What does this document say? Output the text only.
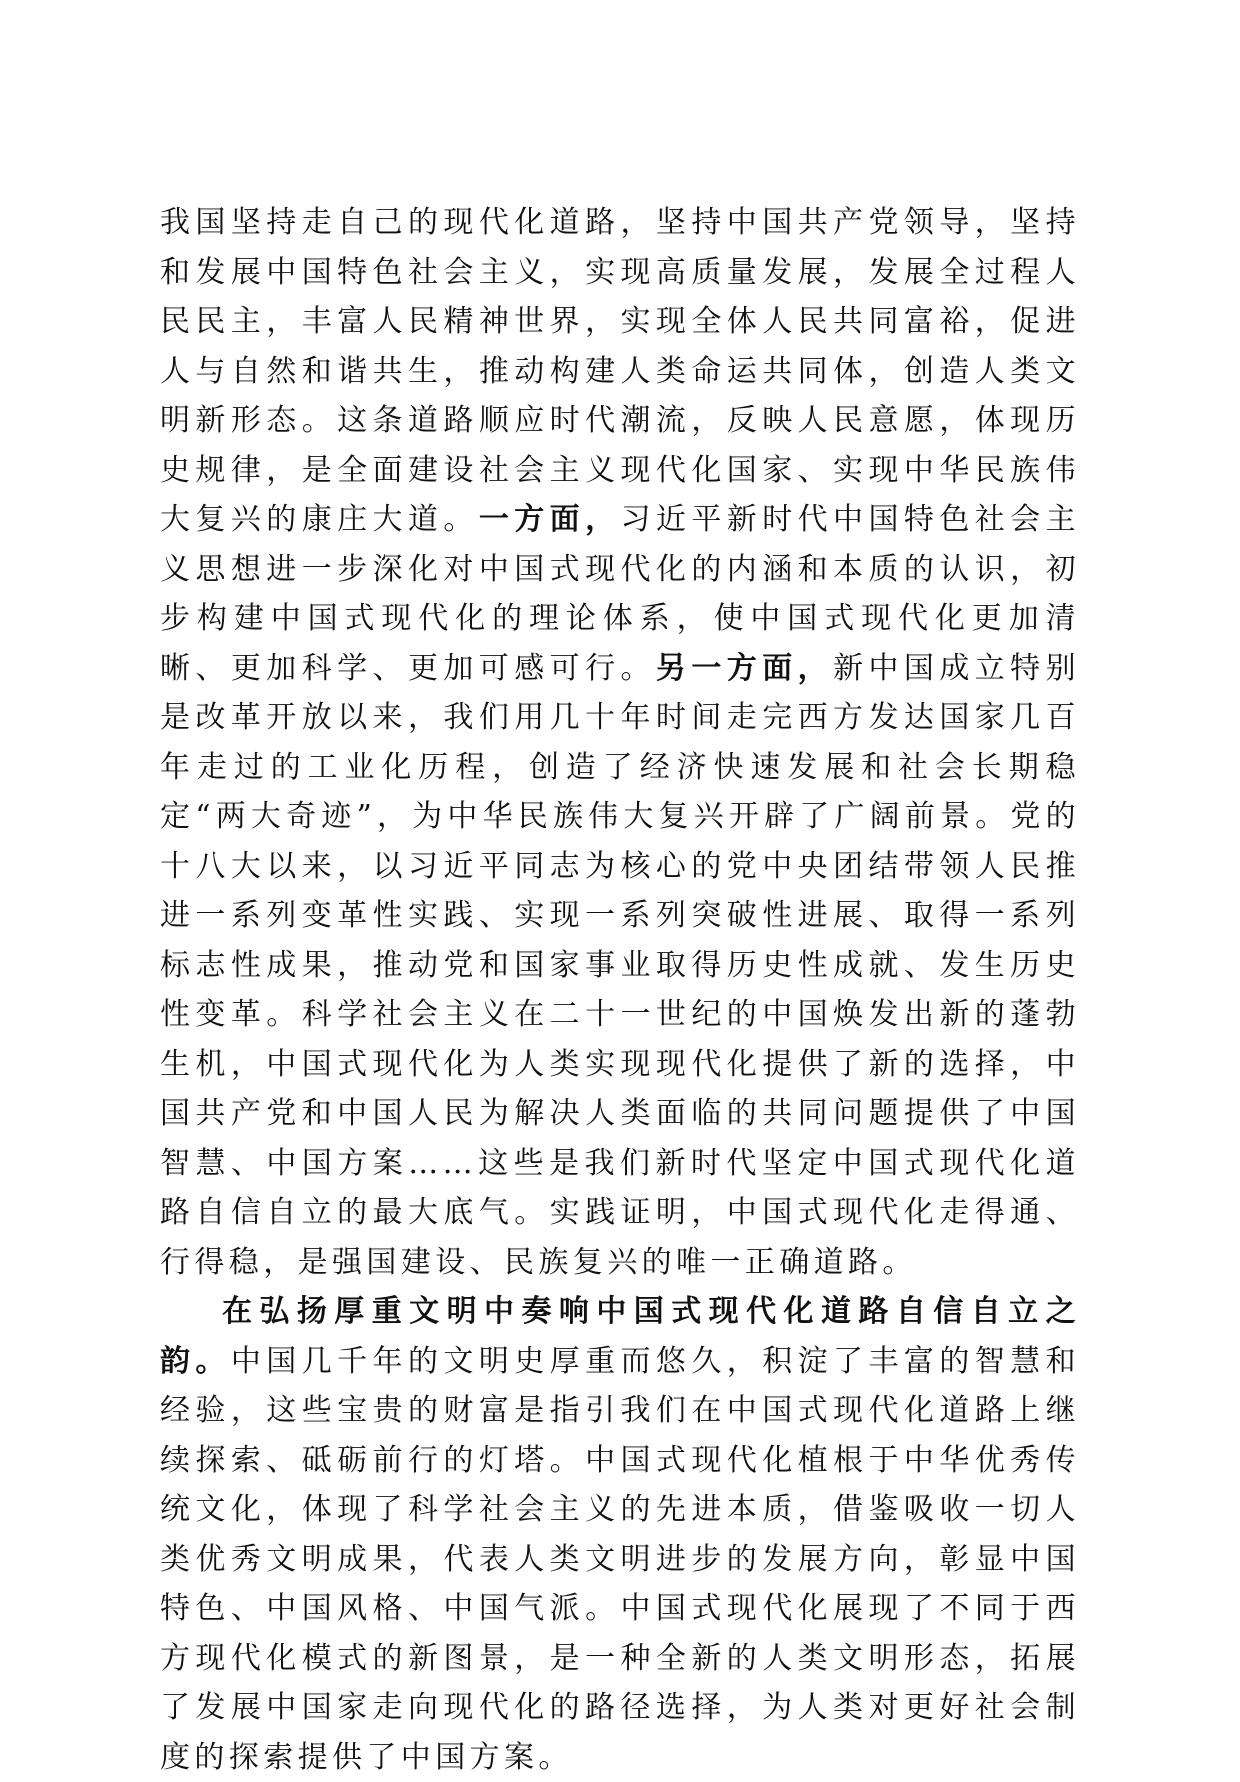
我国坚持走自己的现代化道路，坚持中国共产党领导，坚持和发展中国特色社会主义，实现高质量发展，发展全过程人民民主，丰富人民精神世界，实现全体人民共同富裕，促进人与自然和谐共生，推动构建人类命运共同体，创造人类文明新形态。这条道路顺应时代潮流，反映人民意愿，体现历史规律，是全面建设社会主义现代化国家、实现中华民族伟大复兴的康庄大道。一方面，习近平新时代中国特色社会主义思想进一步深化对中国式现代化的内涵和本质的认识，初步构建中国式现代化的理论体系，使中国式现代化更加清晰、更加科学、更加可感可行。另一方面，新中国成立特别是改革开放以来，我们用几十年时间走完西方发达国家几百年走过的工业化历程，创造了经济快速发展和社会长期稳定“两大奇迹”，为中华民族伟大复兴开辟了广阔前景。党的十八大以来，以习近平同志为核心的党中央团结带领人民推进一系列变革性实践、实现一系列突破性进展、取得一系列标志性成果，推动党和国家事业取得历史性成就、发生历史性变革。科学社会主义在二十一世纪的中国焕发出新的蓬勃生机，中国式现代化为人类实现现代化提供了新的选择，中国共产党和中国人民为解决人类面临的共同问题提供了中国智慧、中国方案……这些是我们新时代坚定中国式现代化道路自信自立的最大底气。实践证明，中国式现代化走得通、行得稳，是强国建设、民族复兴的唯一正确道路。

在弘扬厚重文明中奏响中国式现代化道路自信自立之韵。中国几千年的文明史厚重而悠久，积淀了丰富的智慧和经验，这些宝贵的财富是指引我们在中国式现代化道路上继续探索、砥砺前行的灯塔。中国式现代化植根于中华优秀传统文化，体现了科学社会主义的先进本质，借鉴吸收一切人类优秀文明成果，代表人类文明进步的发展方向，彰显中国特色、中国风格、中国气派。中国式现代化展现了不同于西方现代化模式的新图景，是一种全新的人类文明形态，拓展了发展中国家走向现代化的路径选择，为人类对更好社会制度的探索提供了中国方案。
